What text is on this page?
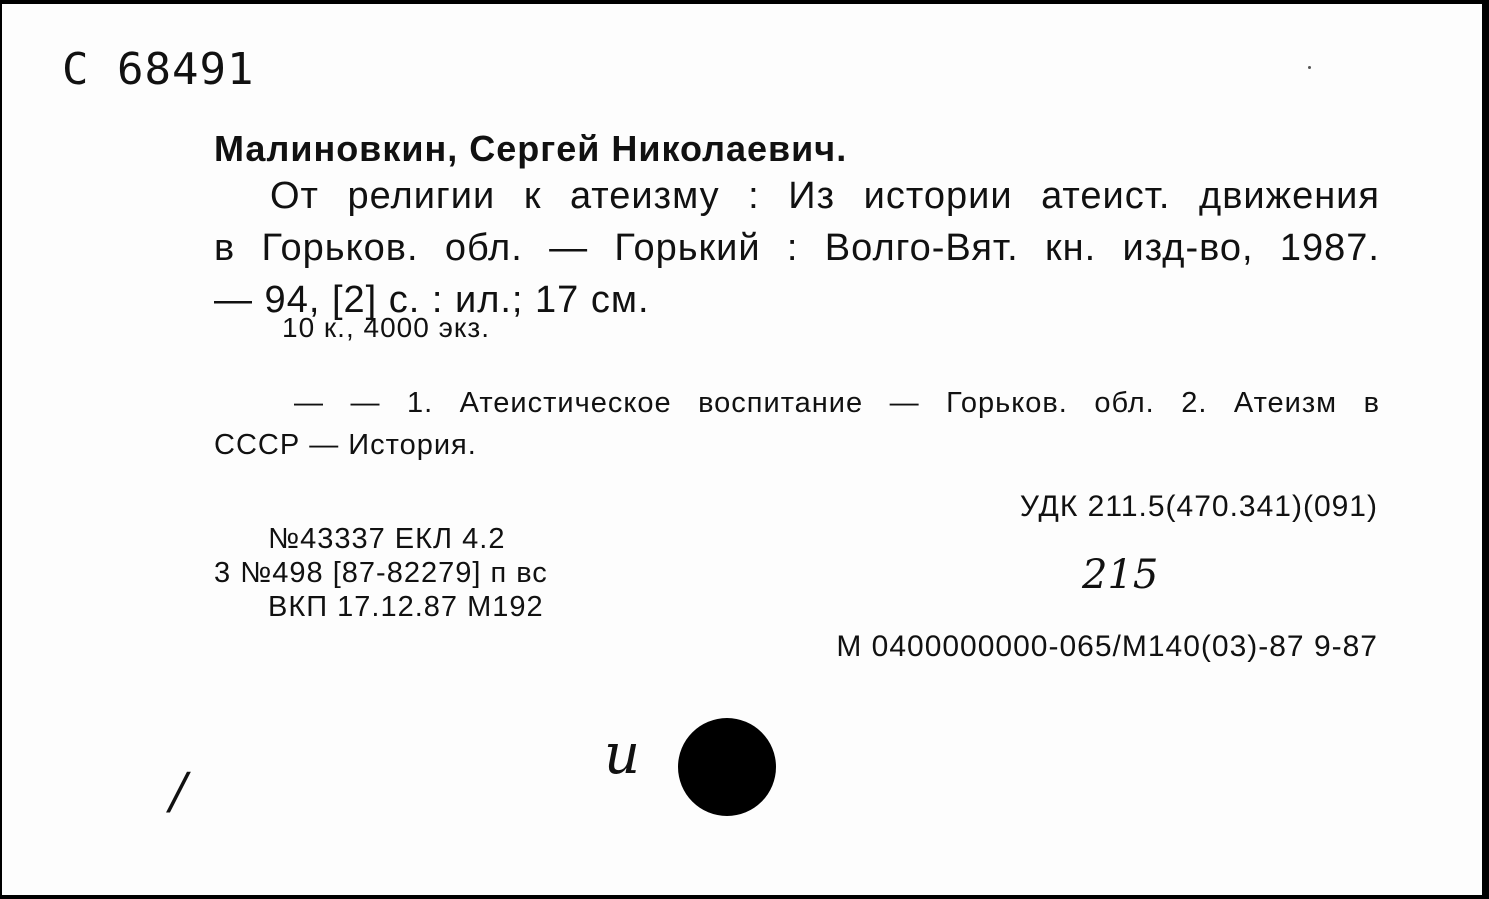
С 68491
Малиновкин, Сергей Николаевич.
От религии к атеизму : Из истории атеист. движения
в Горьков. обл. — Горький : Волго-Вят. кн. изд-во, 1987.
— 94, [2] с. : ил.; 17 см.
10 к., 4000 экз.
— — 1. Атеистическое воспитание — Горьков. обл. 2. Атеизм в
СССР — История.
УДК 211.5(470.341)(091)
№43337 ЕКЛ 4.2
3 №498 [87-82279] п вс
ВКП 17.12.87 М192
215
М 0400000000-065/М140(03)-87 9-87
и
/
